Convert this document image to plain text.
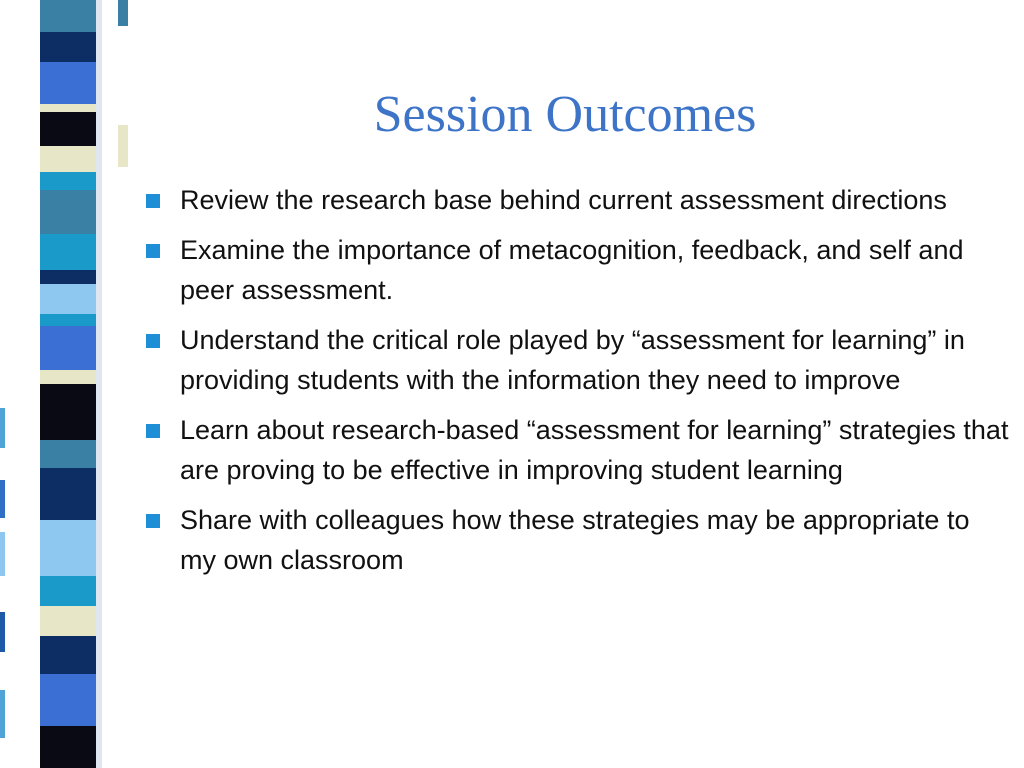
Session Outcomes
Review the research base behind current assessment directions
Examine the importance of metacognition, feedback, and self and peer assessment.
Understand the critical role played by “assessment for learning” in providing students with the information they need to improve
Learn about research-based “assessment for learning” strategies that are proving to be effective in improving student learning
Share with colleagues how these strategies may be appropriate to my own classroom
